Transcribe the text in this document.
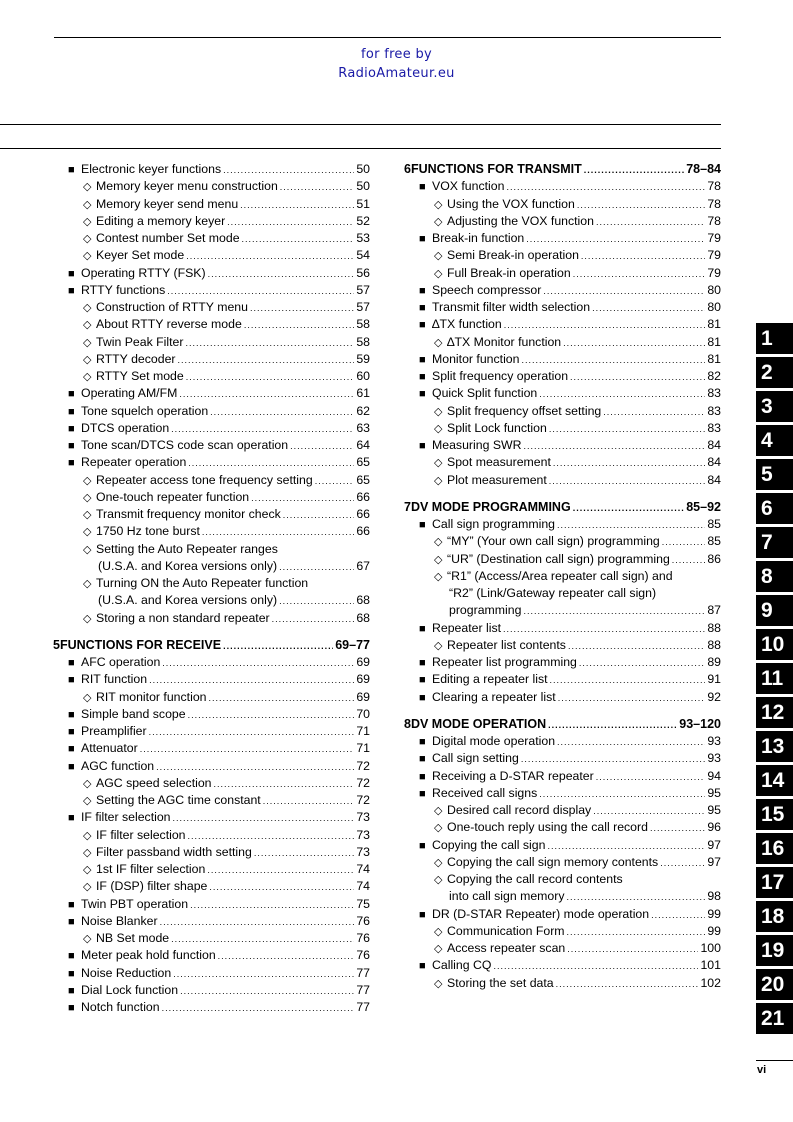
for free by
RadioAmateur.eu
■ Electronic keyer functions .....	50
◇ Memory keyer menu construction .....	50
◇ Memory keyer send menu .....	51
◇ Editing a memory keyer .....	52
◇ Contest number Set mode .....	53
◇ Keyer Set mode .....	54
■ Operating RTTY (FSK) .....	56
■ RTTY functions .....	57
◇ Construction of RTTY menu .....	57
◇ About RTTY reverse mode .....	58
◇ Twin Peak Filter .....	58
◇ RTTY decoder .....	59
◇ RTTY Set mode .....	60
■ Operating AM/FM .....	61
■ Tone squelch operation .....	62
■ DTCS operation .....	63
■ Tone scan/DTCS code scan operation .....	64
■ Repeater operation .....	65
◇ Repeater access tone frequency setting .....	65
◇ One-touch repeater function .....	66
◇ Transmit frequency monitor check .....	66
◇ 1750 Hz tone burst .....	66
◇ Setting the Auto Repeater ranges
(U.S.A. and Korea versions only) .....	67
◇ Turning ON the Auto Repeater function
(U.S.A. and Korea versions only) .....	68
◇ Storing a non standard repeater .....	68
5 FUNCTIONS FOR RECEIVE .....	69–77
■ AFC operation .....	69
■ RIT function .....	69
◇ RIT monitor function .....	69
■ Simple band scope .....	70
■ Preamplifier .....	71
■ Attenuator .....	71
■ AGC function .....	72
◇ AGC speed selection .....	72
◇ Setting the AGC time constant .....	72
■ IF filter selection .....	73
◇ IF filter selection .....	73
◇ Filter passband width setting .....	73
◇ 1st IF filter selection .....	74
◇ IF (DSP) filter shape .....	74
■ Twin PBT operation .....	75
■ Noise Blanker .....	76
◇ NB Set mode .....	76
■ Meter peak hold function .....	76
■ Noise Reduction .....	77
■ Dial Lock function .....	77
■ Notch function .....	77
6 FUNCTIONS FOR TRANSMIT .....	78–84
■ VOX function .....	78
◇ Using the VOX function .....	78
◇ Adjusting the VOX function .....	78
■ Break-in function .....	79
◇ Semi Break-in operation .....	79
◇ Full Break-in operation .....	79
■ Speech compressor .....	80
■ Transmit filter width selection .....	80
■ ∆TX function .....	81
◇ ∆TX Monitor function .....	81
■ Monitor function .....	81
■ Split frequency operation .....	82
■ Quick Split function .....	83
◇ Split frequency offset setting .....	83
◇ Split Lock function .....	83
■ Measuring SWR .....	84
◇ Spot measurement .....	84
◇ Plot measurement .....	84
7 DV MODE PROGRAMMING .....	85–92
■ Call sign programming .....	85
◇ “MY” (Your own call sign) programming .....	85
◇ “UR” (Destination call sign) programming .....	86
◇ “R1” (Access/Area repeater call sign) and
“R2” (Link/Gateway repeater call sign)
programming .....	87
■ Repeater list .....	88
◇ Repeater list contents .....	88
■ Repeater list programming .....	89
■ Editing a repeater list .....	91
■ Clearing a repeater list .....	92
8 DV MODE OPERATION .....	93–120
■ Digital mode operation .....	93
■ Call sign setting .....	93
■ Receiving a D-STAR repeater .....	94
■ Received call signs .....	95
◇ Desired call record display .....	95
◇ One-touch reply using the call record .....	96
■ Copying the call sign .....	97
◇ Copying the call sign memory contents .....	97
◇ Copying the call record contents
into call sign memory .....	98
■ DR (D-STAR Repeater) mode operation .....	99
◇ Communication Form .....	99
◇ Access repeater scan .....	100
■ Calling CQ .....	101
◇ Storing the set data .....	102
1
2
3
4
5
6
7
8
9
10
11
12
13
14
15
16
17
18
19
20
21
vi
